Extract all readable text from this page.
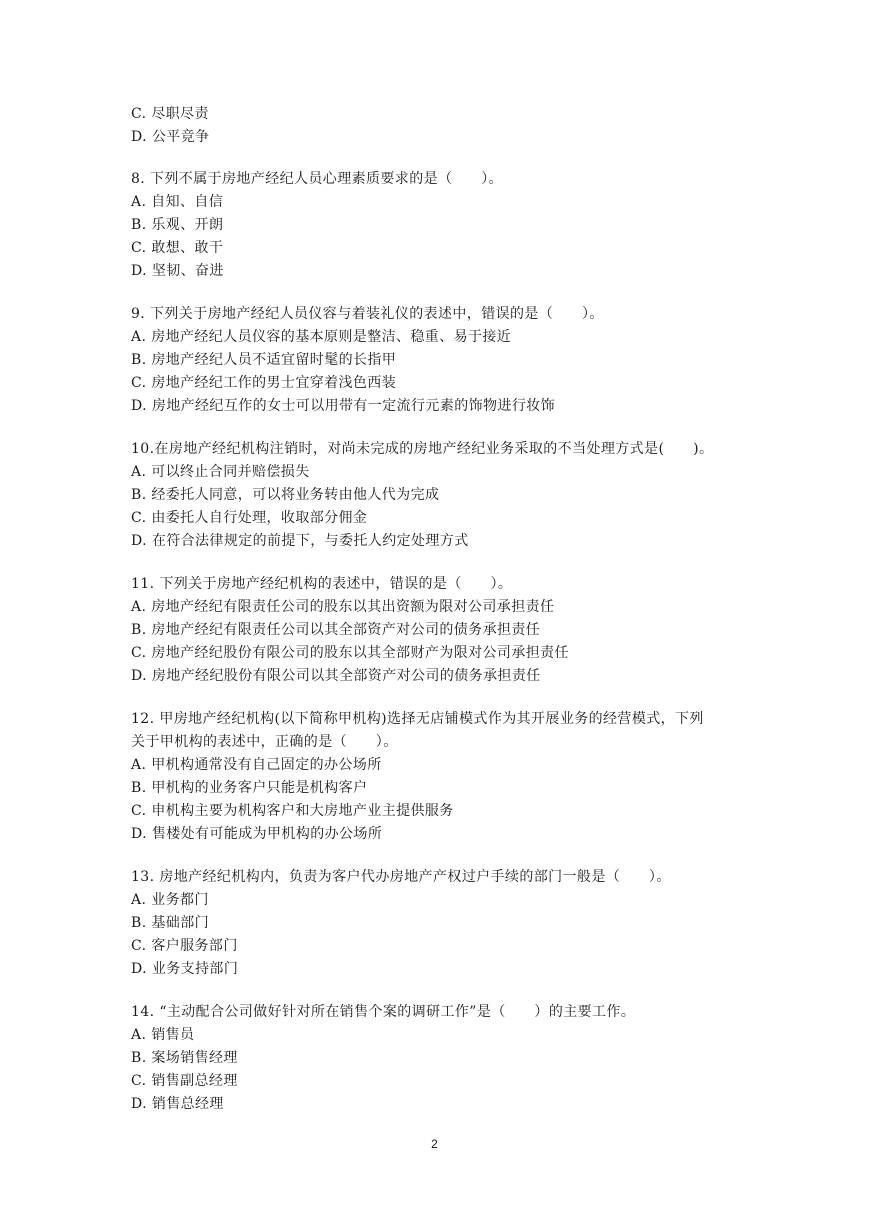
C. 尽职尽责
D. 公平竞争
8. 下列不属于房地产经纪人员心理素质要求的是（　　）。
A. 自知、自信
B. 乐观、开朗
C. 敢想、敢干
D. 坚韧、奋进
9. 下列关于房地产经纪人员仪容与着装礼仪的表述中，错误的是（　　）。
A. 房地产经纪人员仪容的基本原则是整洁、稳重、易于接近
B. 房地产经纪人员不适宜留时髦的长指甲
C. 房地产经纪工作的男士宜穿着浅色西装
D. 房地产经纪互作的女士可以用带有一定流行元素的饰物进行妆饰
10.在房地产经纪机构注销时，对尚未完成的房地产经纪业务采取的不当处理方式是(　　)。
A. 可以终止合同并赔偿损失
B. 经委托人同意，可以将业务转由他人代为完成
C. 由委托人自行处理，收取部分佣金
D. 在符合法律规定的前提下，与委托人约定处理方式
11. 下列关于房地产经纪机构的表述中，错误的是（　　）。
A. 房地产经纪有限责任公司的股东以其出资额为限对公司承担责任
B. 房地产经纪有限责任公司以其全部资产对公司的债务承担责任
C. 房地产经纪股份有限公司的股东以其全部财产为限对公司承担责任
D. 房地产经纪股份有限公司以其全部资产对公司的债务承担责任
12. 甲房地产经纪机构(以下简称甲机构)选择无店铺模式作为其开展业务的经营模式，下列
关于甲机构的表述中，正确的是（　　）。
A. 甲机构通常没有自己固定的办公场所
B. 甲机构的业务客户只能是机构客户
C. 申机构主要为机构客户和大房地产业主提供服务
D. 售楼处有可能成为甲机构的办公场所
13. 房地产经纪机构内，负责为客户代办房地产产权过户手续的部门一般是（　　）。
A. 业务都门
B. 基础部门
C. 客户服务部门
D. 业务支持部门
14. “主动配合公司做好针对所在销售个案的调研工作”是（　　）的主要工作。
A. 销售员
B. 案场销售经理
C. 销售副总经理
D. 销售总经理
2
